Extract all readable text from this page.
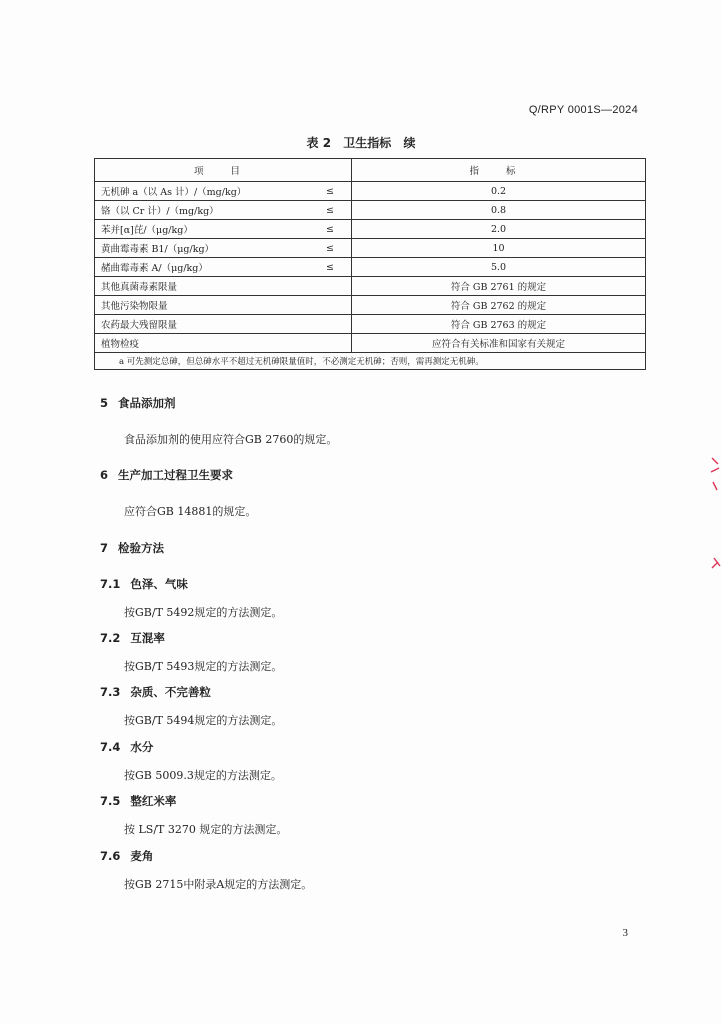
Q/RPY 0001S—2024
表 2 卫生指标 续
项 目		指 标
无机砷 a（以 As 计）/（mg/kg）	≤	0.2
铬（以 Cr 计）/（mg/kg）	≤	0.8
苯并[α]芘/（μg/kg）	≤	2.0
黄曲霉毒素 B1/（μg/kg）	≤	10
赭曲霉毒素 A/（μg/kg）	≤	5.0
其他真菌毒素限量		符合 GB 2761 的规定
其他污染物限量		符合 GB 2762 的规定
农药最大残留限量		符合 GB 2763 的规定
植物检疫		应符合有关标准和国家有关规定
a 可先测定总砷，但总砷水平不超过无机砷限量值时，不必测定无机砷；否则，需再测定无机砷。		
5 食品添加剂
食品添加剂的使用应符合GB 2760的规定。
6 生产加工过程卫生要求
应符合GB 14881的规定。
7 检验方法
7.1 色泽、气味
按GB/T 5492规定的方法测定。
7.2 互混率
按GB/T 5493规定的方法测定。
7.3 杂质、不完善粒
按GB/T 5494规定的方法测定。
7.4 水分
按GB 5009.3规定的方法测定。
7.5 整红米率
按 LS/T 3270 规定的方法测定。
7.6 麦角
按GB 2715中附录A规定的方法测定。
3
